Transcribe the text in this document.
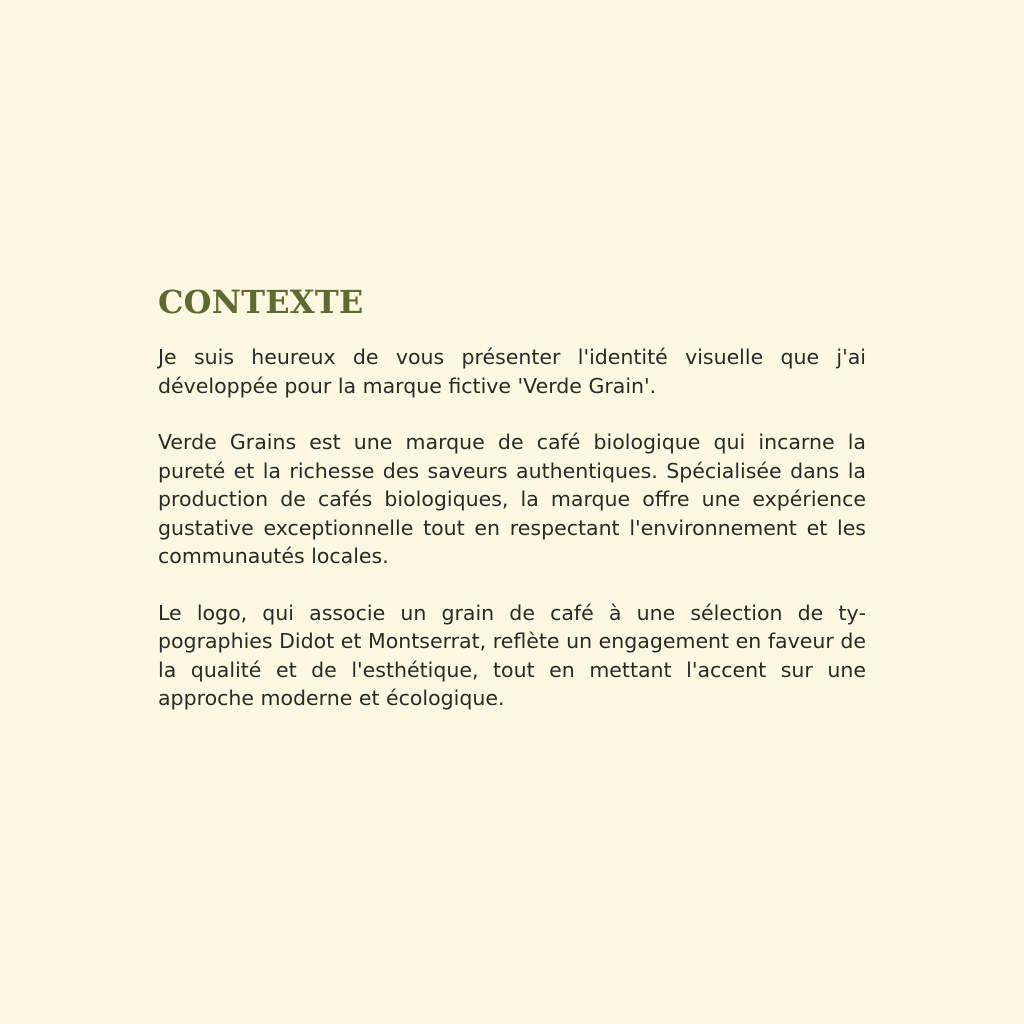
CONTEXTE

Je suis heureux de vous présenter l'identité visuelle que j'ai développée pour la marque fictive 'Verde Grain'.

Verde Grains est une marque de café biologique qui incarne la pureté et la richesse des saveurs authentiques. Spécialisée dans la production de cafés biologiques, la marque offre une expérience gustative exceptionnelle tout en respectant l'environnement et les communautés locales.

Le logo, qui associe un grain de café à une sélection de typographies Didot et Montserrat, reflète un engagement en faveur de la qualité et de l'esthétique, tout en mettant l'accent sur une approche moderne et écologique.
